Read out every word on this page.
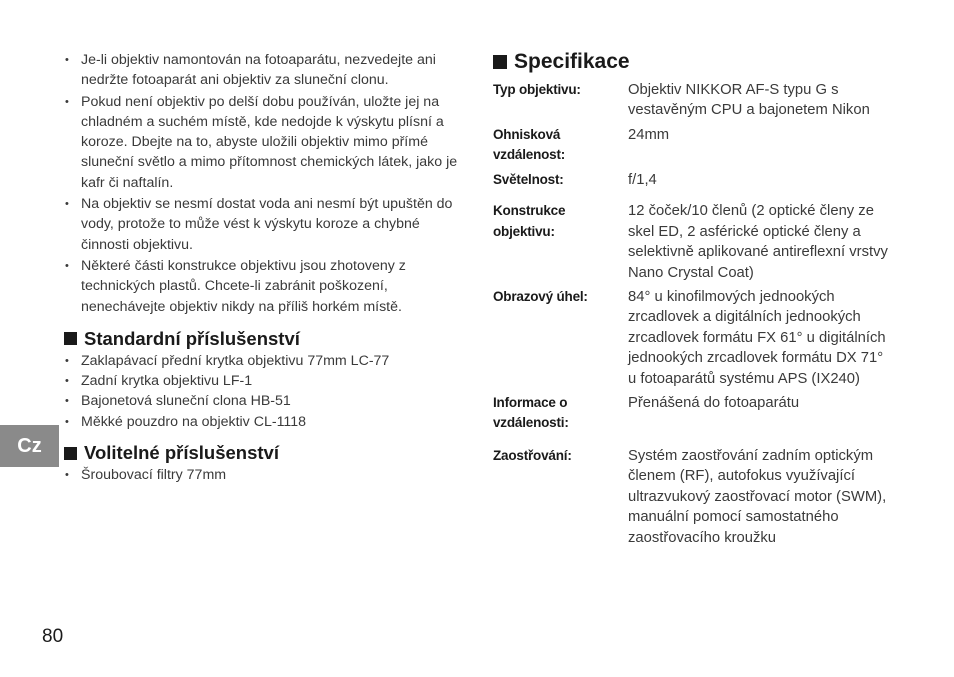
• Je-li objektiv namontován na fotoaparátu, nezvedejte ani nedržte fotoaparát ani objektiv za sluneční clonu.
• Pokud není objektiv po delší dobu používán, uložte jej na chladném a suchém místě, kde nedojde k výskytu plísní a koroze. Dbejte na to, abyste uložili objektiv mimo přímé sluneční světlo a mimo přítomnost chemických látek, jako je kafr či naftalín.
• Na objektiv se nesmí dostat voda ani nesmí být upuštěn do vody, protože to může vést k výskytu koroze a chybné činnosti objektivu.
• Některé části konstrukce objektivu jsou zhotoveny z technických plastů. Chcete-li zabránit poškození, nenechávejte objektiv nikdy na příliš horkém místě.
Standardní příslušenství
• Zaklapávací přední krytka objektivu 77mm LC-77
• Zadní krytka objektivu LF-1
• Bajonetová sluneční clona HB-51
• Měkké pouzdro na objektiv CL-1118
Volitelné příslušenství
• Šroubovací filtry 77mm
Cz
80
Specifikace
Typ objektivu:	Objektiv NIKKOR AF-S typu G s vestavěným CPU a bajonetem Nikon
Ohnisková vzdálenost:
24mm
Světelnost:	f/1,4
Konstrukce objektivu:
12 čoček/10 členů (2 optické členy ze skel ED, 2 asférické optické členy a selektivně aplikované antireflexní vrstvy Nano Crystal Coat)
Obrazový úhel:	84° u kinofilmových jednookých zrcadlovek a digitálních jednookých zrcadlovek formátu FX 61° u digitálních jednookých zrcadlovek formátu DX 71° u fotoaparátů systému APS (IX240)
Informace o vzdálenosti:
Přenášená do fotoaparátu
Zaostřování:	Systém zaostřování zadním optickým členem (RF), autofokus využívající ultrazvukový zaostřovací motor (SWM), manuální pomocí samostatného zaostřovacího kroužku
